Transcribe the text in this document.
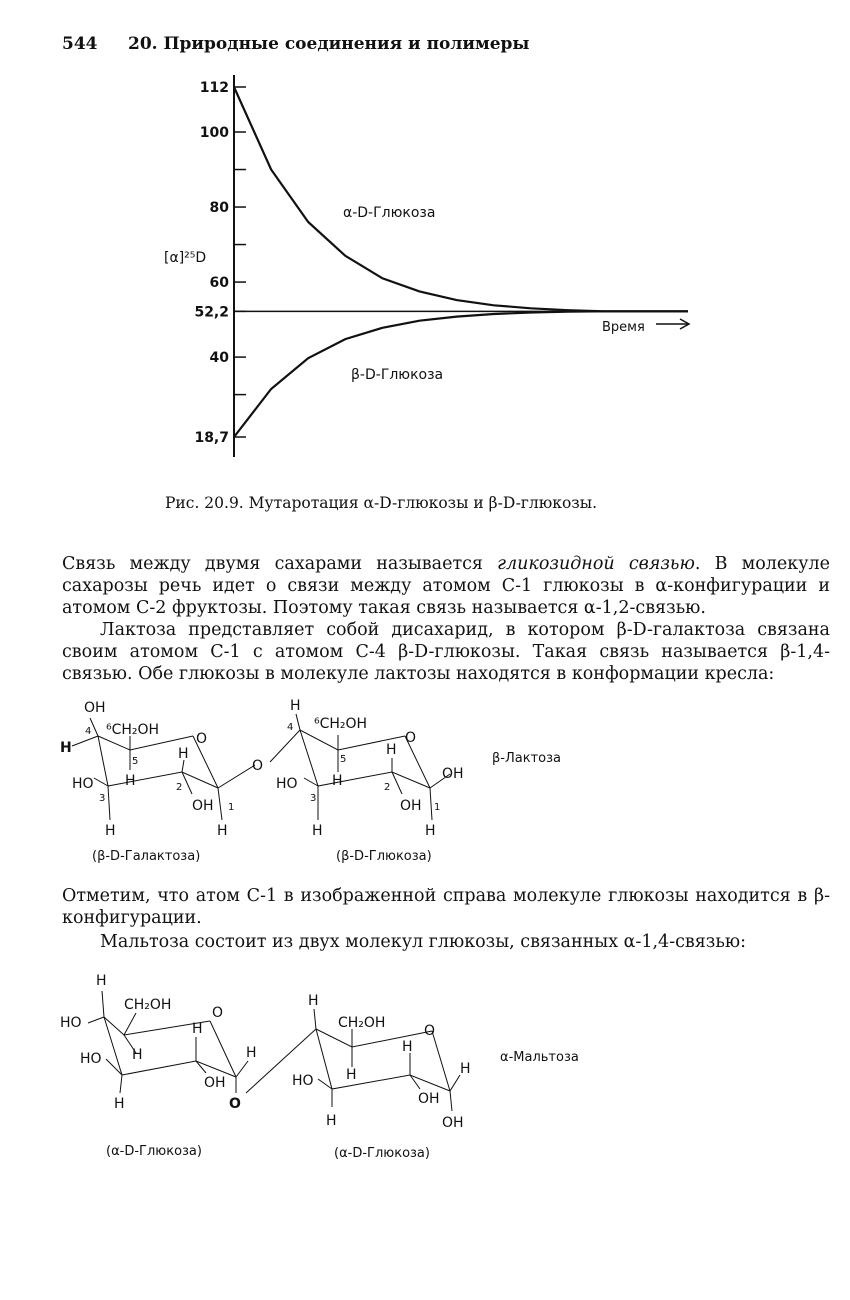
544 20. Природные соединения и полимеры
112
100
80
60
52,2
40
18,7
[α]²⁵D
α-D-Глюкоза
β-D-Глюкоза
Время
Рис. 20.9. Мутаротация α-D-глюкозы и β-D-глюкозы.
Связь между двумя сахарами называется гликозидной связью. В молекуле сахарозы речь идет о связи между атомом С-1 глюкозы в α-конфигурации и атомом С-2 фруктозы. Поэтому такая связь называется α-1,2-связью.
Лактоза представляет собой дисахарид, в котором β-D-галактоза связана своим атомом С-1 с атомом С-4 β-D-глюкозы. Такая связь называется β-1,4-связью. Обе глюкозы в молекуле лактозы находятся в конформации кресла:
OH
4
H
⁶CH₂OH
O
5	H
HO H	2
3	OH 1
H	H
O
H
4 ⁶CH₂OH
O
5
H
OH
HO H	2
3	OH 1
H	H
β-Лактоза
(β-D-Галактоза)	(β-D-Глюкоза)
Отметим, что атом С-1 в изображенной справа молекуле глюкозы находится в β-конфигурации.
Мальтоза состоит из двух молекул глюкозы, связанных α-1,4-связью:
H
HO
CH₂OH	O
H
H
HO H
OH
H	O
H
CH₂OH	O
H
H
HO H
OH
H	OH
α-Мальтоза
(α-D-Глюкоза)	(α-D-Глюкоза)
